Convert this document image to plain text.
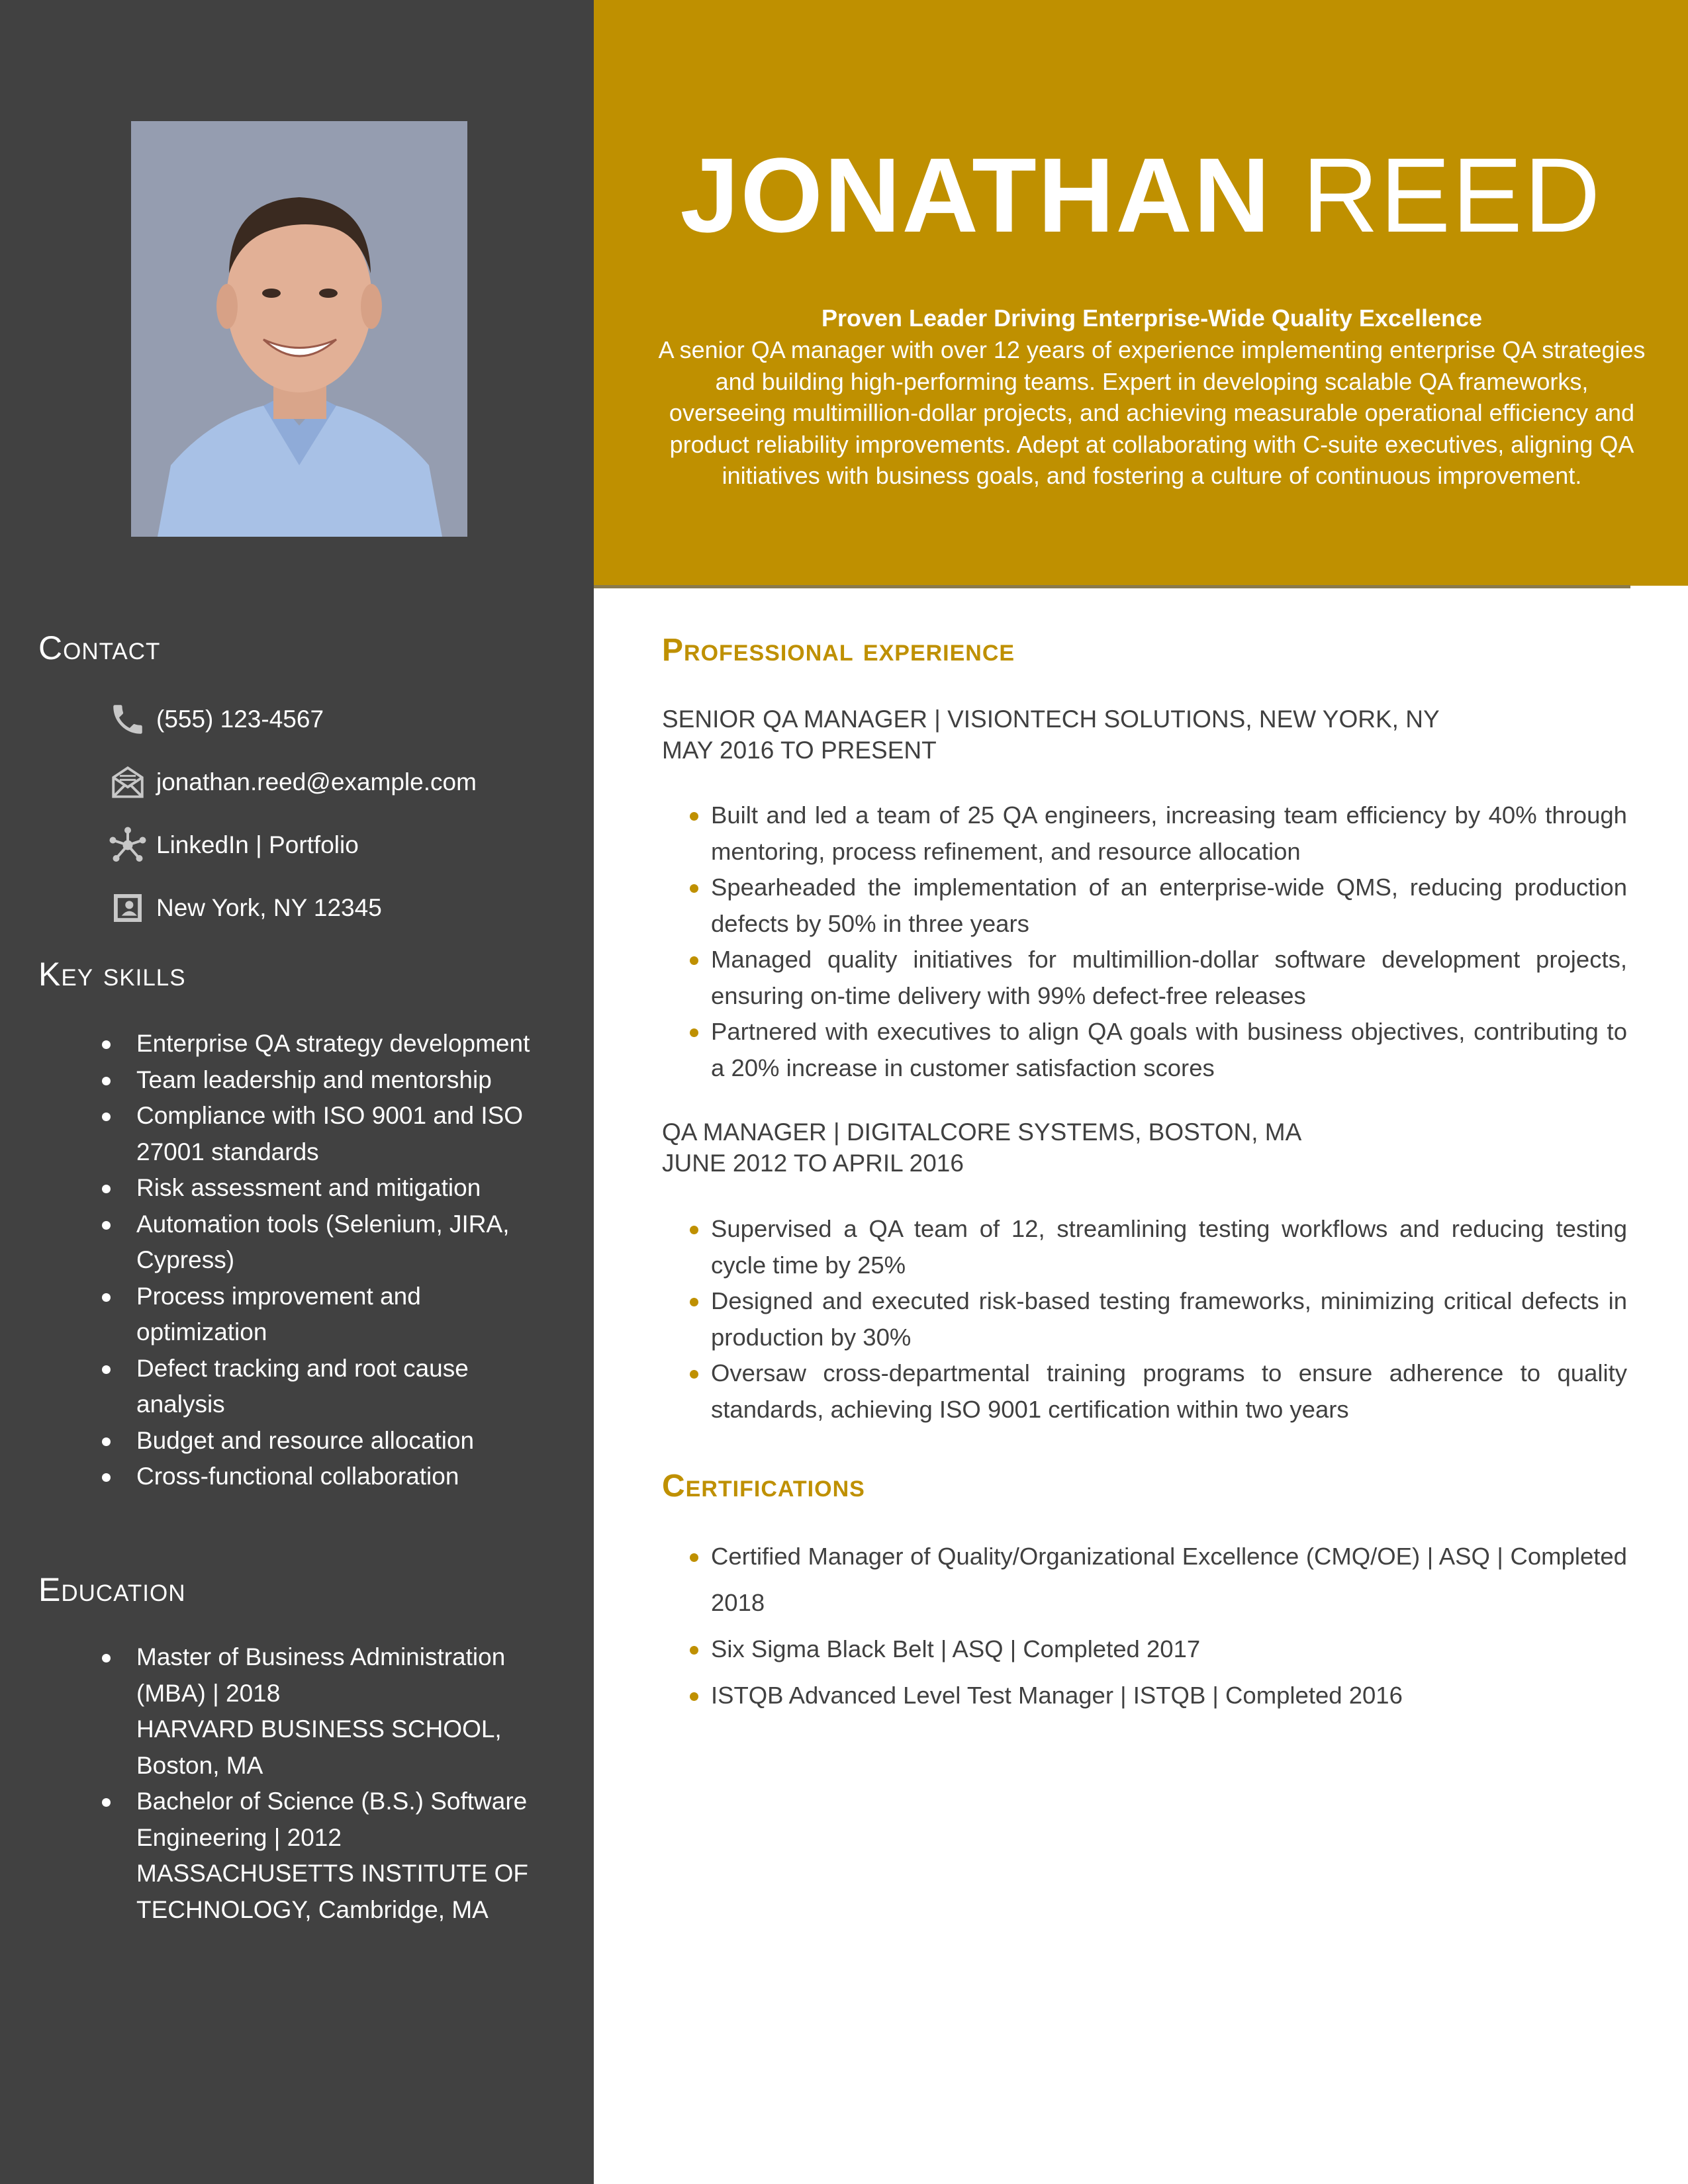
Contact
(555) 123-4567
jonathan.reed@example.com
LinkedIn | Portfolio
New York, NY 12345
Key skills
Enterprise QA strategy development
Team leadership and mentorship
Compliance with ISO 9001 and ISO 27001 standards
Risk assessment and mitigation
Automation tools (Selenium, JIRA, Cypress)
Process improvement and optimization
Defect tracking and root cause analysis
Budget and resource allocation
Cross-functional collaboration
Education
Master of Business Administration (MBA) | 2018
HARVARD BUSINESS SCHOOL, Boston, MA
Bachelor of Science (B.S.) Software Engineering | 2012
MASSACHUSETTS INSTITUTE OF TECHNOLOGY, Cambridge, MA
JONATHAN REED
Proven Leader Driving Enterprise-Wide Quality Excellence
A senior QA manager with over 12 years of experience implementing enterprise QA strategies and building high-performing teams. Expert in developing scalable QA frameworks, overseeing multimillion-dollar projects, and achieving measurable operational efficiency and product reliability improvements. Adept at collaborating with C-suite executives, aligning QA initiatives with business goals, and fostering a culture of continuous improvement.
Professional experience
SENIOR QA MANAGER | VISIONTECH SOLUTIONS, NEW YORK, NY
MAY 2016 TO PRESENT
Built and led a team of 25 QA engineers, increasing team efficiency by 40% through mentoring, process refinement, and resource allocation
Spearheaded the implementation of an enterprise-wide QMS, reducing production defects by 50% in three years
Managed quality initiatives for multimillion-dollar software development projects, ensuring on-time delivery with 99% defect-free releases
Partnered with executives to align QA goals with business objectives, contributing to a 20% increase in customer satisfaction scores
QA MANAGER | DIGITALCORE SYSTEMS, BOSTON, MA
JUNE 2012 TO APRIL 2016
Supervised a QA team of 12, streamlining testing workflows and reducing testing cycle time by 25%
Designed and executed risk-based testing frameworks, minimizing critical defects in production by 30%
Oversaw cross-departmental training programs to ensure adherence to quality standards, achieving ISO 9001 certification within two years
Certifications
Certified Manager of Quality/Organizational Excellence (CMQ/OE) | ASQ | Completed 2018
Six Sigma Black Belt | ASQ | Completed 2017
ISTQB Advanced Level Test Manager | ISTQB | Completed 2016
